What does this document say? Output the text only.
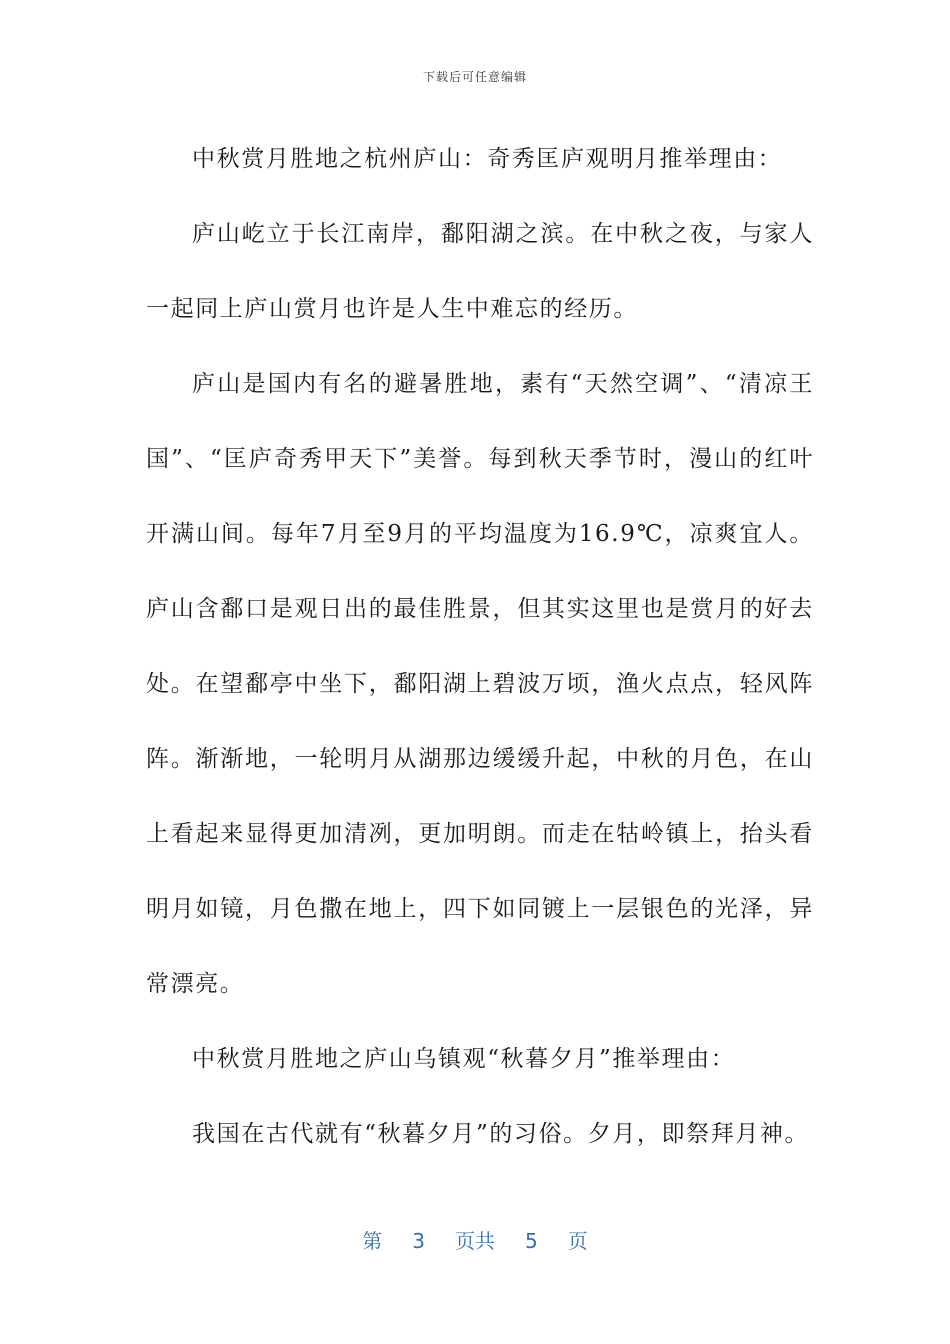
下载后可任意编辑

中秋赏月胜地之杭州庐山：奇秀匡庐观明月推举理由：

庐山屹立于长江南岸，鄱阳湖之滨。在中秋之夜，与家人一起同上庐山赏月也许是人生中难忘的经历。

庐山是国内有名的避暑胜地，素有“天然空调”、“清凉王国”、“匡庐奇秀甲天下”美誉。每到秋天季节时，漫山的红叶开满山间。每年7月至9月的平均温度为16.9℃，凉爽宜人。庐山含鄱口是观日出的最佳胜景，但其实这里也是赏月的好去处。在望鄱亭中坐下，鄱阳湖上碧波万顷，渔火点点，轻风阵阵。渐渐地，一轮明月从湖那边缓缓升起，中秋的月色，在山上看起来显得更加清冽，更加明朗。而走在牯岭镇上，抬头看明月如镜，月色撒在地上，四下如同镀上一层银色的光泽，异常漂亮。

中秋赏月胜地之庐山乌镇观“秋暮夕月”推举理由：

我国在古代就有“秋暮夕月”的习俗。夕月，即祭拜月神。

第 3 页共 5 页
